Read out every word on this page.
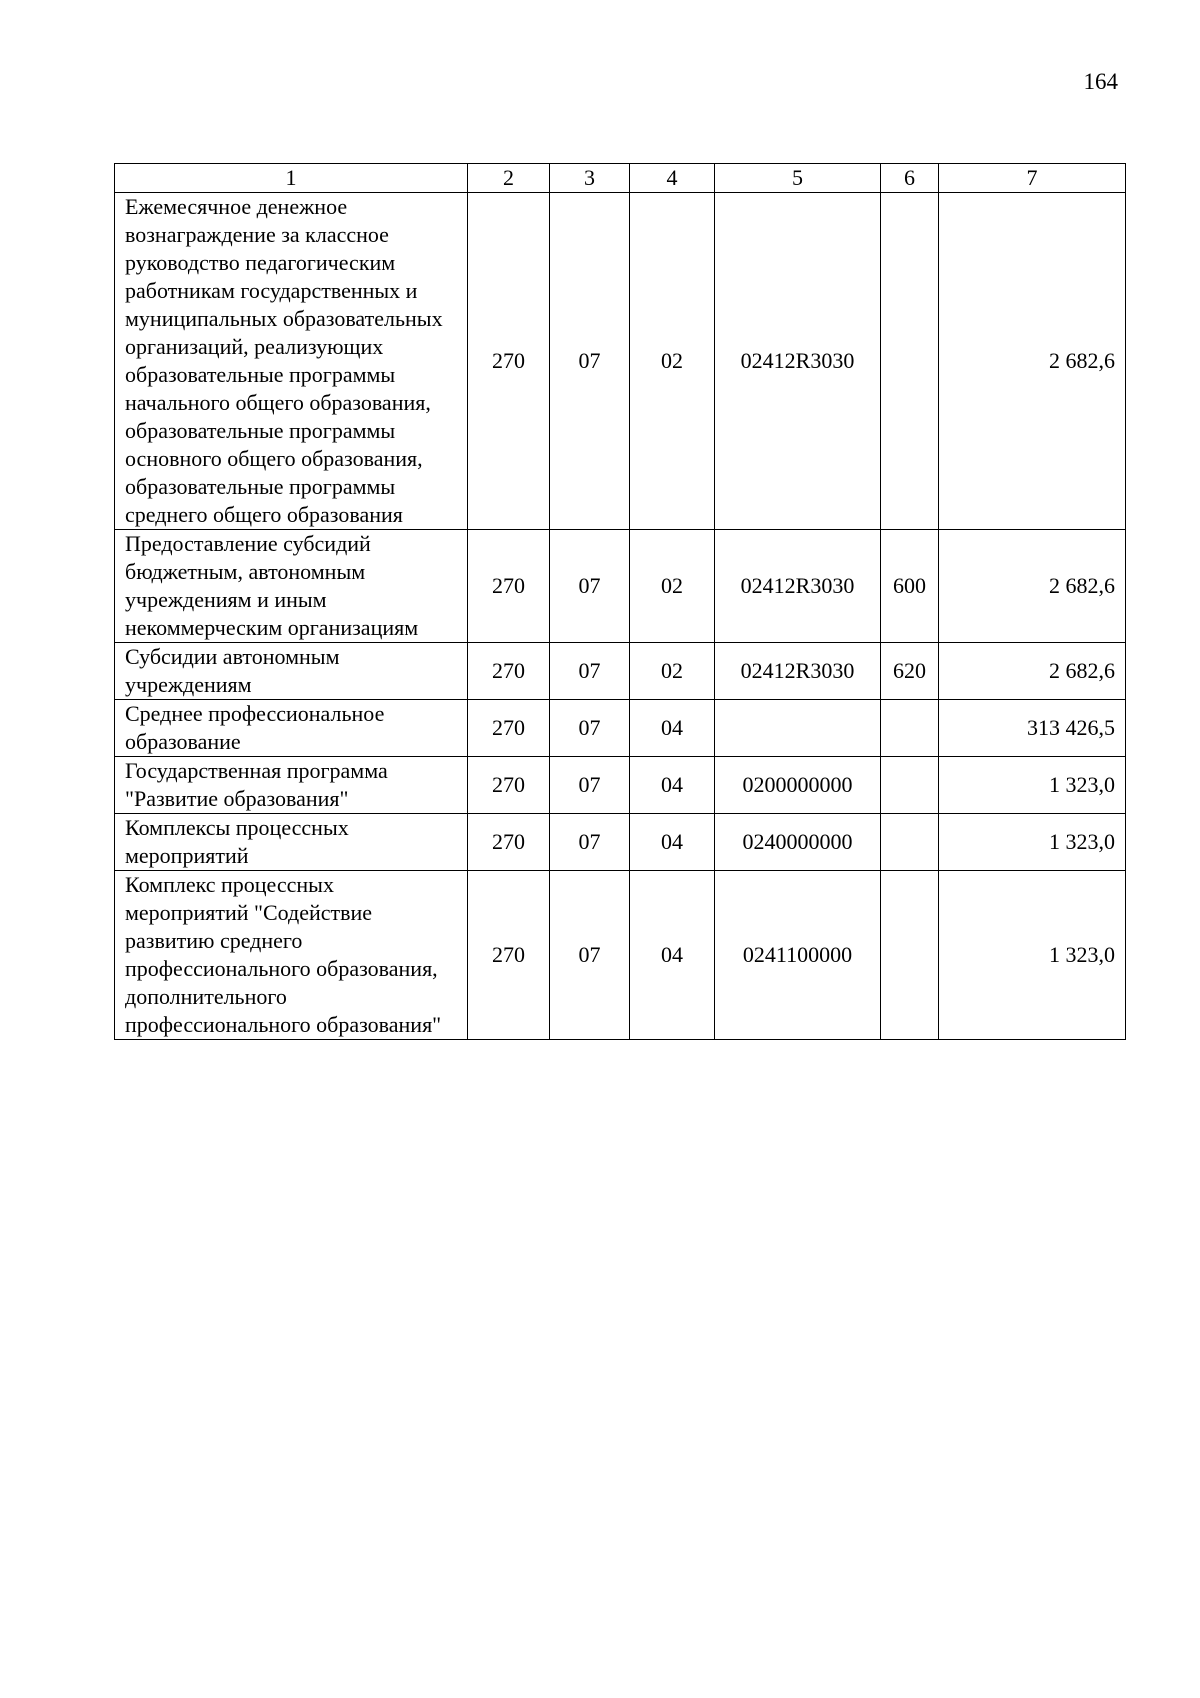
164
1	2	3	4	5	6	7
Ежемесячное денежное вознаграждение за классное руководство педагогическим работникам государственных и муниципальных образовательных организаций, реализующих образовательные программы начального общего образования, образовательные программы основного общего образования, образовательные программы среднего общего образования	270	07	02	02412R3030		2 682,6
Предоставление субсидий бюджетным, автономным учреждениям и иным некоммерческим организациям	270	07	02	02412R3030	600	2 682,6
Субсидии автономным учреждениям	270	07	02	02412R3030	620	2 682,6
Среднее профессиональное образование	270	07	04			313 426,5
Государственная программа "Развитие образования"	270	07	04	0200000000		1 323,0
Комплексы процессных мероприятий	270	07	04	0240000000		1 323,0
Комплекс процессных мероприятий "Содействие развитию среднего профессионального образования, дополнительного профессионального образования"	270	07	04	0241100000		1 323,0
